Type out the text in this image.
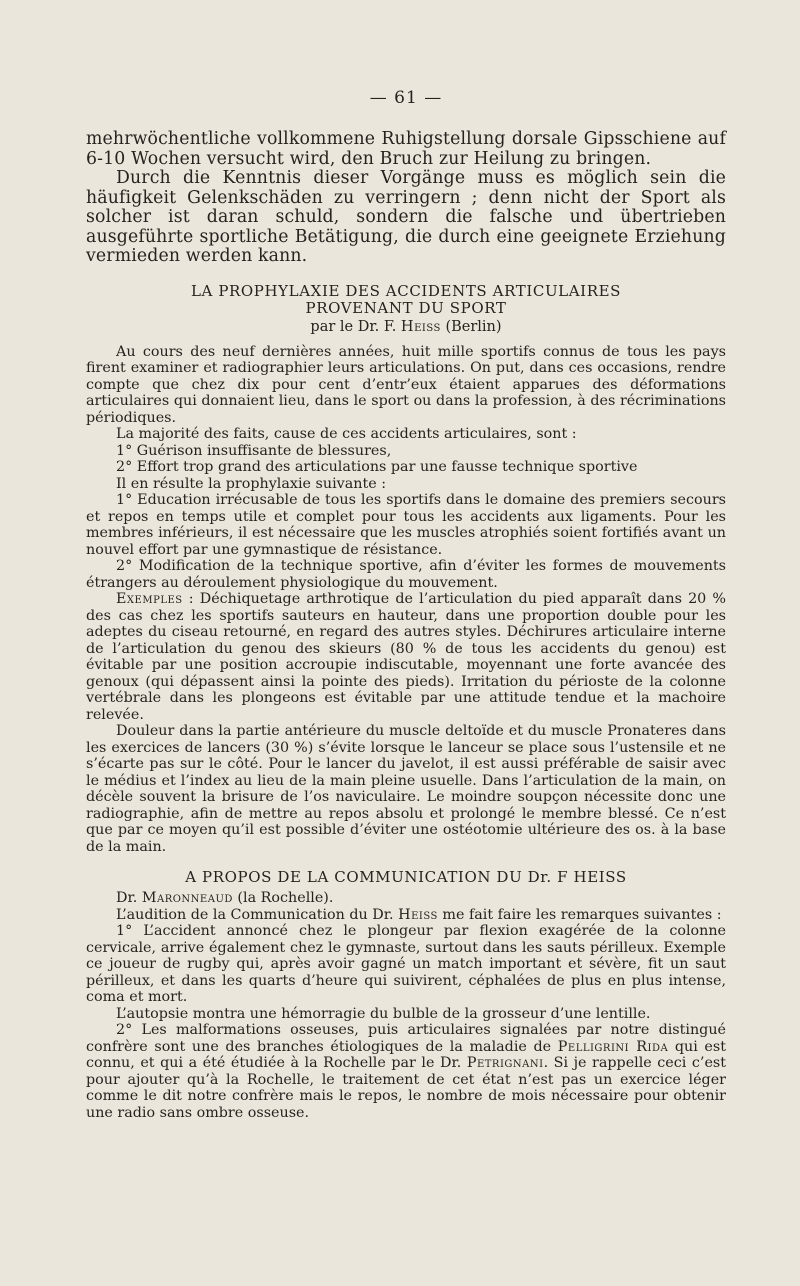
— 61 —

mehrwöchentliche vollkommene Ruhigstellung dorsale Gipsschiene auf 6-10 Wochen versucht wird, den Bruch zur Heilung zu bringen.

Durch die Kenntnis dieser Vorgänge muss es möglich sein die häufigkeit Gelenkschäden zu verringern ; denn nicht der Sport als solcher ist daran schuld, sondern die falsche und übertrieben ausgeführte sportliche Betätigung, die durch eine geeignete Erziehung vermieden werden kann.

LA PROPHYLAXIE DES ACCIDENTS ARTICULAIRES
PROVENANT DU SPORT
par le Dr. F. Heiss (Berlin)

Au cours des neuf dernières années, huit mille sportifs connus de tous les pays firent examiner et radiographier leurs articulations. On put, dans ces occasions, rendre compte que chez dix pour cent d’entr’eux étaient apparues des déformations articulaires qui donnaient lieu, dans le sport ou dans la profession, à des récriminations périodiques.

La majorité des faits, cause de ces accidents articulaires, sont :

1° Guérison insuffisante de blessures,

2° Effort trop grand des articulations par une fausse technique sportive

Il en résulte la prophylaxie suivante :

1° Education irrécusable de tous les sportifs dans le domaine des premiers secours et repos en temps utile et complet pour tous les accidents aux ligaments. Pour les membres inférieurs, il est nécessaire que les muscles atrophiés soient fortifiés avant un nouvel effort par une gymnastique de résistance.

2° Modification de la technique sportive, afin d’éviter les formes de mouvements étrangers au déroulement physiologique du mouvement.

Exemples : Déchiquetage arthrotique de l’articulation du pied apparaît dans 20 % des cas chez les sportifs sauteurs en hauteur, dans une proportion double pour les adeptes du ciseau retourné, en regard des autres styles. Déchirures articulaire interne de l’articulation du genou des skieurs (80 % de tous les accidents du genou) est évitable par une position accroupie indiscutable, moyennant une forte avancée des genoux (qui dépassent ainsi la pointe des pieds). Irritation du périoste de la colonne vertébrale dans les plongeons est évitable par une attitude tendue et la machoire relevée.

Douleur dans la partie antérieure du muscle deltoïde et du muscle Pronateres dans les exercices de lancers (30 %) s’évite lorsque le lanceur se place sous l’ustensile et ne s’écarte pas sur le côté. Pour le lancer du javelot, il est aussi préférable de saisir avec le médius et l’index au lieu de la main pleine usuelle. Dans l’articulation de la main, on décèle souvent la brisure de l’os naviculaire. Le moindre soupçon nécessite donc une radiographie, afin de mettre au repos absolu et prolongé le membre blessé. Ce n’est que par ce moyen qu’il est possible d’éviter une ostéotomie ultérieure des os. à la base de la main.

A PROPOS DE LA COMMUNICATION DU Dr. F HEISS

Dr. Maronneaud (la Rochelle).

L’audition de la Communication du Dr. Heiss me fait faire les remarques suivantes :

1° L’accident annoncé chez le plongeur par flexion exagérée de la colonne cervicale, arrive également chez le gymnaste, surtout dans les sauts périlleux. Exemple ce joueur de rugby qui, après avoir gagné un match important et sévère, fit un saut périlleux, et dans les quarts d’heure qui suivirent, céphalées de plus en plus intense, coma et mort.

L’autopsie montra une hémorragie du bulble de la grosseur d’une lentille.

2° Les malformations osseuses, puis articulaires signalées par notre distingué confrère sont une des branches étiologiques de la maladie de Pelligrini Rida qui est connu, et qui a été étudiée à la Rochelle par le Dr. Petrignani. Si je rappelle ceci c’est pour ajouter qu’à la Rochelle, le traitement de cet état n’est pas un exercice léger comme le dit notre confrère mais le repos, le nombre de mois nécessaire pour obtenir une radio sans ombre osseuse.
